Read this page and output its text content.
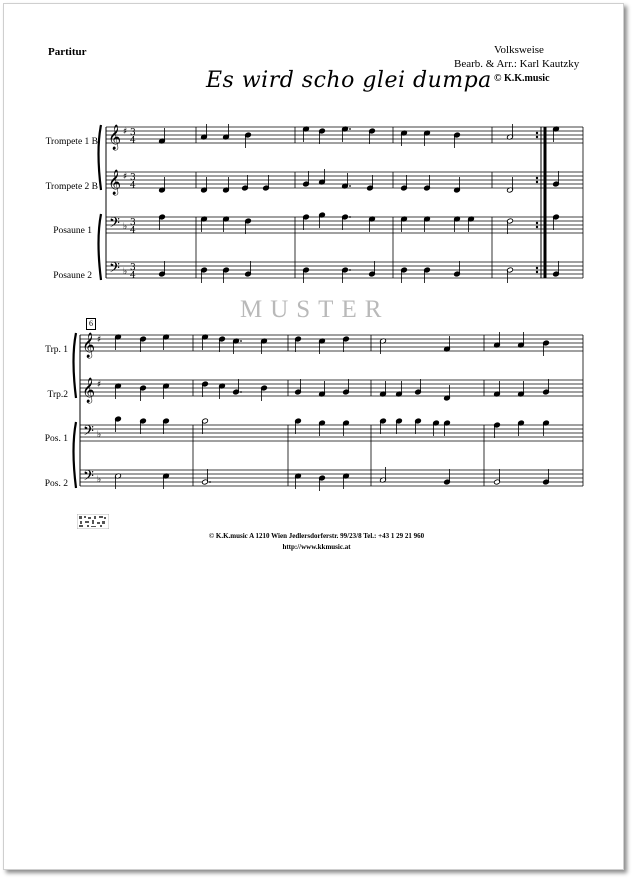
Partitur	Volksweise
Bearb. & Arr.: Karl Kautzky
© K.K.music
Es wird scho glei dumpa
Trompete 1 B
Trompete 2 B
Posaune 1
Posaune 2
Trp. 1
Trp.2
Pos. 1
Pos. 2
6
𝄞 ♯ 3
4
𝄞 ♯ 3
4
𝄢 ♭ 3
4
𝄢 ♭ 3
4
𝄞 ♯
𝄞 ♯
𝄢 ♭
𝄢 ♭
MUSTER
© K.K.music A 1210 Wien Jedlersdorferstr. 99/23/8 Tel.: +43 1 29 21 960
http://www.kkmusic.at
